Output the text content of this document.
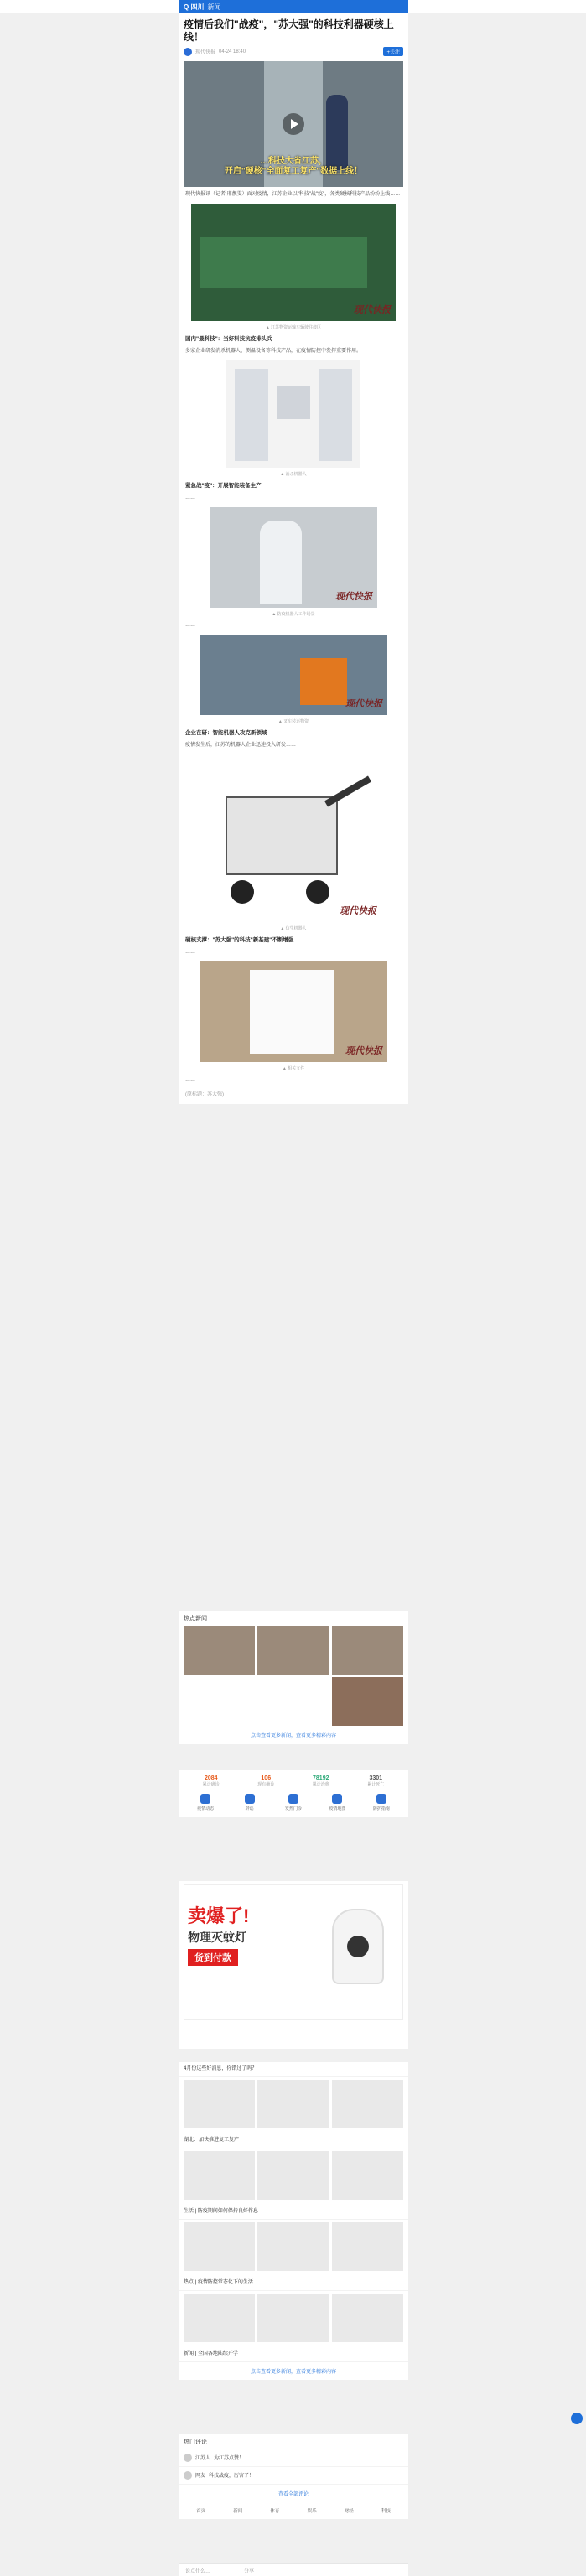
Q 四川 新闻
疫情后我们"战疫"，"苏大强"的科技利器硬核上线！
现代快报 04-24 18:40	+关注
…科技大省江苏，
开启"硬核"全面复工复产"数据上线！
现代快报讯（记者 邢靓雯）面对疫情，江苏企业以"科技"战"疫"，各类硬核科技产品纷纷上线……
现代快报
▲ 江苏物资运输车辆驶往疫区
国内"最科技"：当好科技抗疫排头兵
多家企业研发消杀机器人、测温设备等科技产品，在疫情防控中发挥重要作用。
▲ 消杀机器人
紧急战"疫"：开展智能装备生产
……
现代快报
▲ 防疫机器人工作场景
……
现代快报
▲ 叉车装运物资
企业在研：智能机器人攻克新领域
疫情发生后，江苏的机器人企业迅速投入研发……
现代快报
▲ 仿生机器人
硬核支撑："苏大强"的科技"新基建"不断增强
……
现代快报
▲ 相关文件
……
(原标题：苏大强)
热点新闻
点击查看更多新闻，查看更多精彩内容
2084
累计确诊
106
现有确诊
78192
累计治愈
3301
累计死亡
疫情动态	辟谣	发热门诊	疫情地图	防护指南
卖爆了!
物理灭蚊灯
货到付款
4月份这些好消息，你错过了吗？
湖北：加快推进复工复产
生活 | 防疫期间如何保持良好作息
热点 | 疫情防控常态化下的生活
新闻 | 全国各地陆续开学
点击查看更多新闻，查看更多精彩内容
热门评论
江苏人 为江苏点赞！
网友 科技战疫，厉害了！
查看全部评论
首页	新闻	体育	娱乐	财经	科技
说点什么…	分享
